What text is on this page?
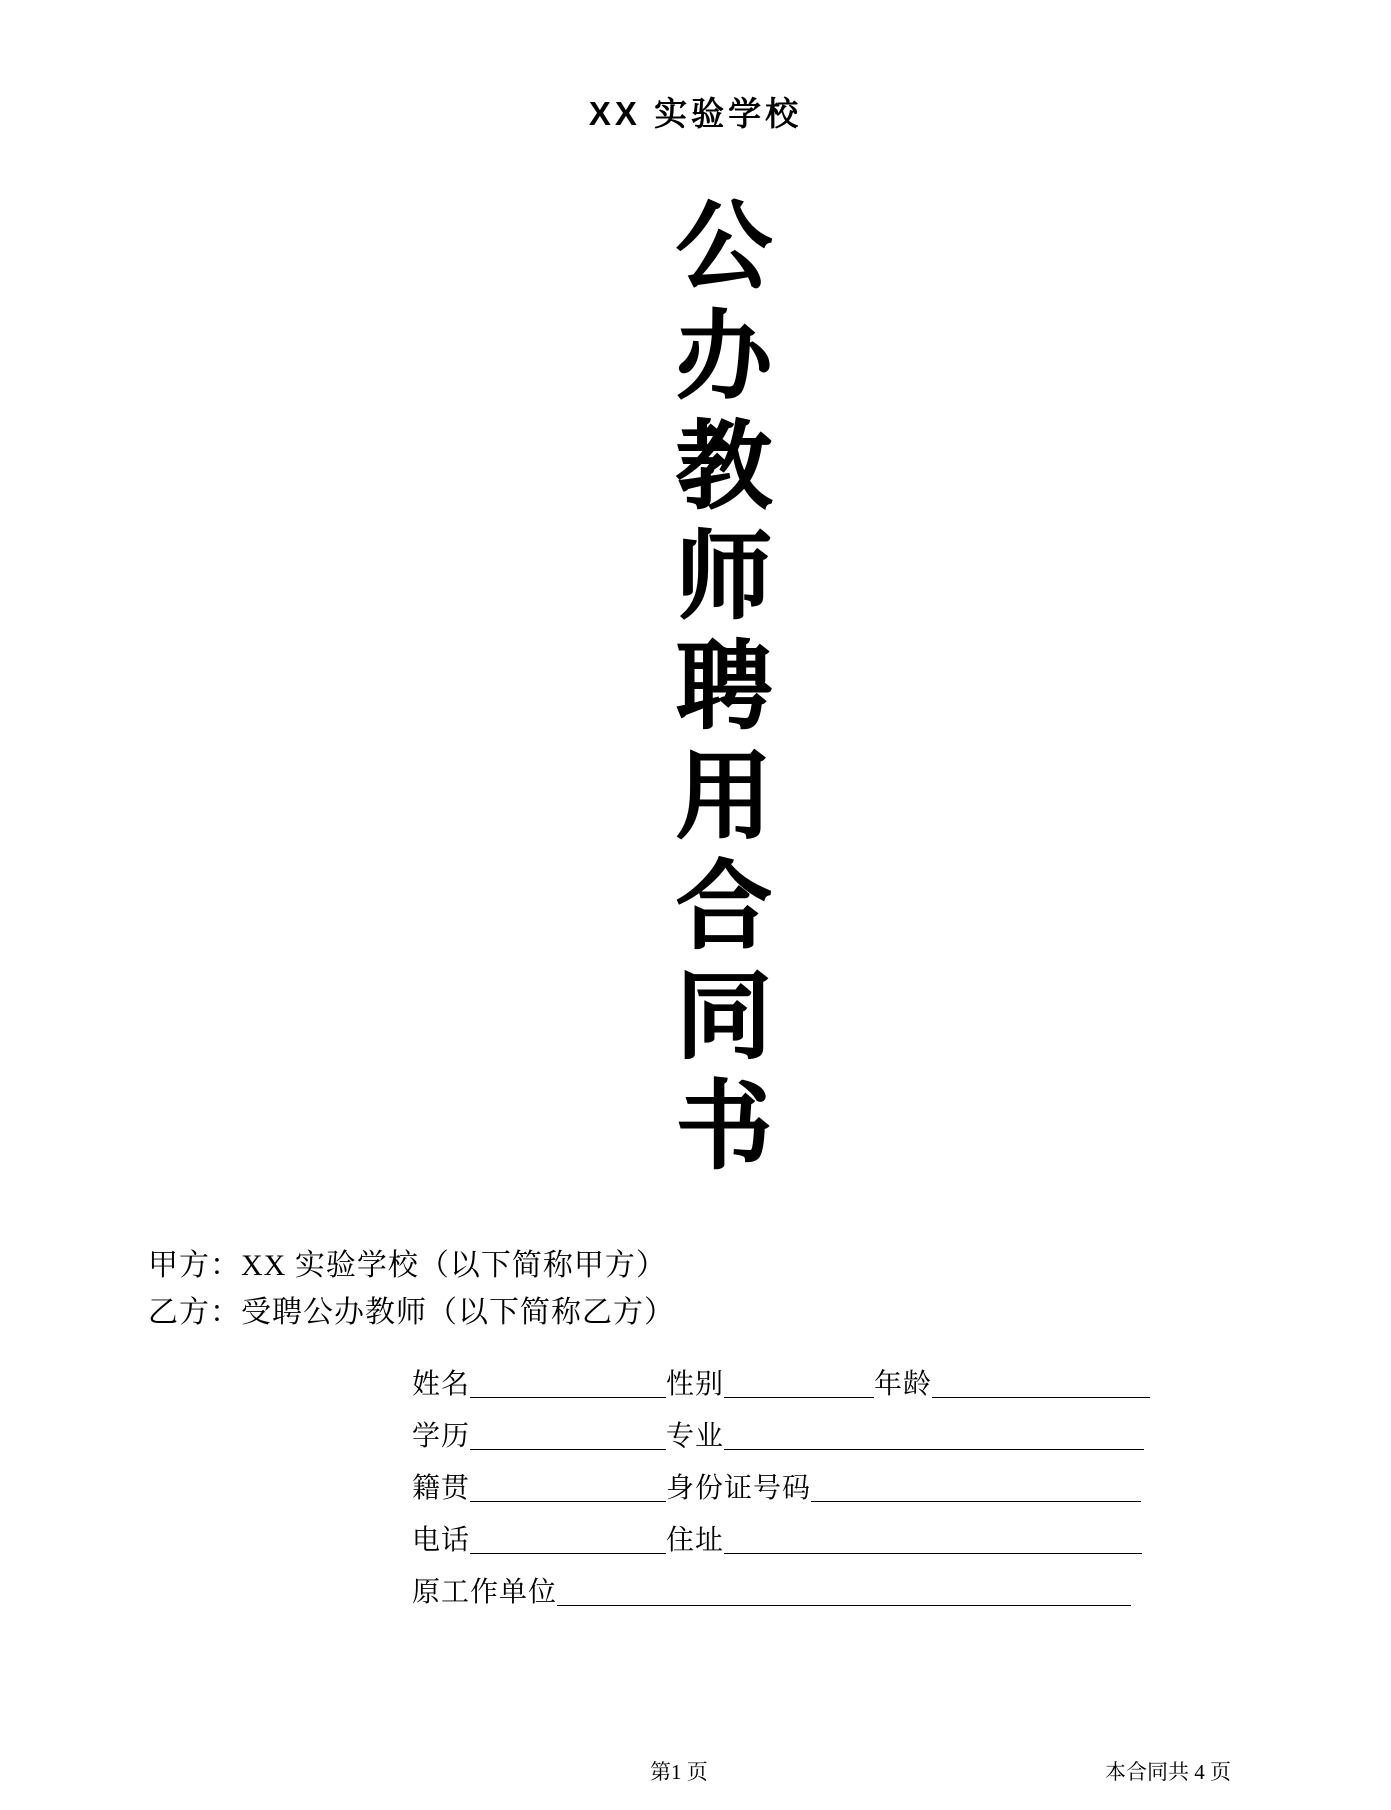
XX 实验学校
公办教师聘用合同书
甲方：XX 实验学校（以下简称甲方）
乙方：受聘公办教师（以下简称乙方）
姓名	性别	年龄
学历	专业
籍贯	身份证号码
电话	住址
原工作单位
第1 页	本合同共 4 页
